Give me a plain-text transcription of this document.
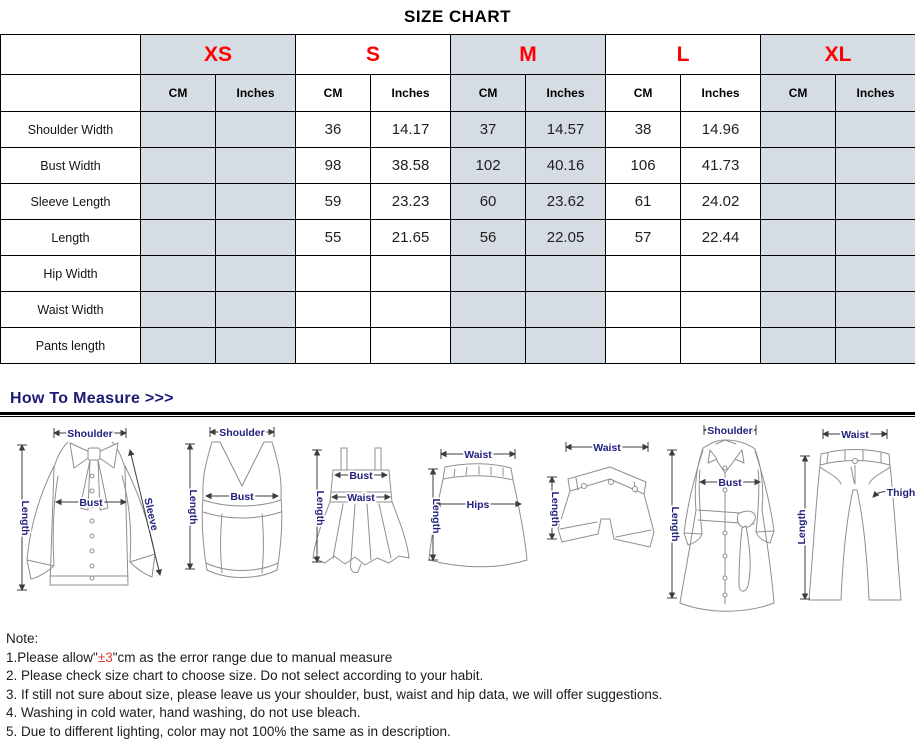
SIZE CHART
	XS		S		M		L		XL	
	CM	Inches	CM	Inches	CM	Inches	CM	Inches	CM	Inches
Shoulder Width			36	14.17	37	14.57	38	14.96		
Bust Width			98	38.58	102	40.16	106	41.73		
Sleeve Length			59	23.23	60	23.62	61	24.02		
Length			55	21.65	56	22.05	57	22.44		
Hip Width										
Waist Width										
Pants length										
How To Measure >>>
Shoulder
Length	Bust	Sleeve
Shoulder
Length	Bust
Bust
Waist
Length
Waist
Hips
Length
Waist
Length
Shoulder
Bust
Length
Waist
Length
Thigh
Note:
1.Please allow"±3"cm as the error range due to manual measure
2. Please check size chart to choose size. Do not select according to your habit.
3. If still not sure about size, please leave us your shoulder, bust, waist and hip data, we will offer suggestions.
4. Washing in cold water, hand washing, do not use bleach.
5. Due to different lighting, color may not 100% the same as in description.
